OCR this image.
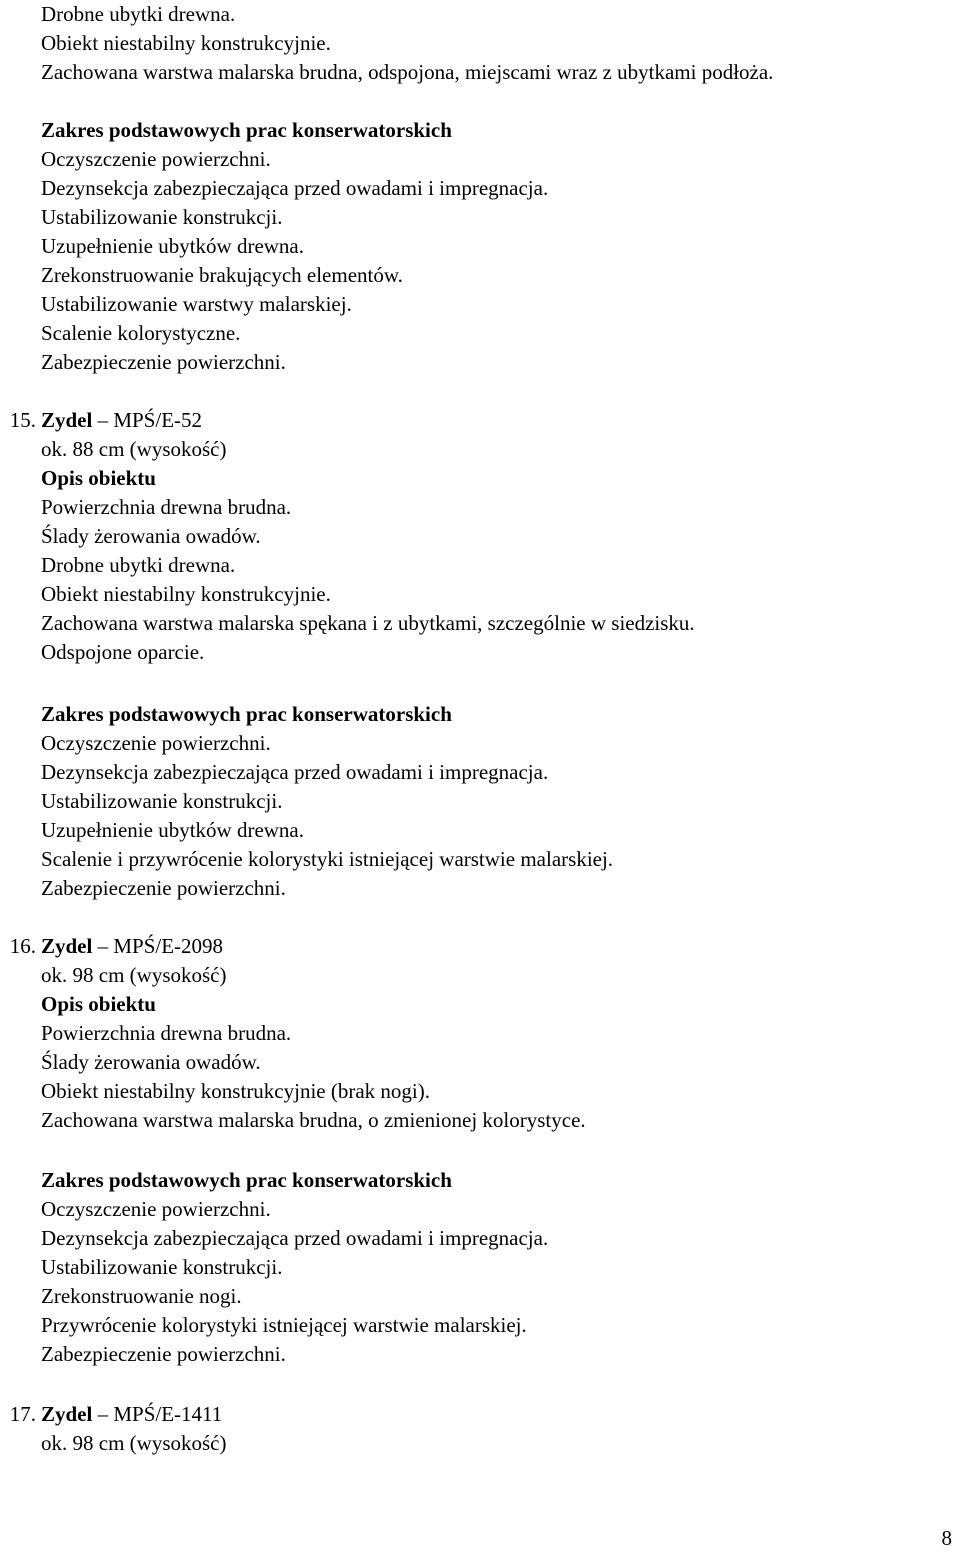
Drobne ubytki drewna.
Obiekt niestabilny konstrukcyjnie.
Zachowana warstwa malarska brudna, odspojona, miejscami wraz z ubytkami podłoża.
Zakres podstawowych prac konserwatorskich
Oczyszczenie powierzchni.
Dezynsekcja zabezpieczająca przed owadami i impregnacja.
Ustabilizowanie konstrukcji.
Uzupełnienie ubytków drewna.
Zrekonstruowanie brakujących elementów.
Ustabilizowanie warstwy malarskiej.
Scalenie kolorystyczne.
Zabezpieczenie powierzchni.
15. Zydel – MPŚ/E-52
ok. 88 cm (wysokość)
Opis obiektu
Powierzchnia drewna brudna.
Ślady żerowania owadów.
Drobne ubytki drewna.
Obiekt niestabilny konstrukcyjnie.
Zachowana warstwa malarska spękana i z ubytkami, szczególnie w siedzisku.
Odspojone oparcie.
Zakres podstawowych prac konserwatorskich
Oczyszczenie powierzchni.
Dezynsekcja zabezpieczająca przed owadami i impregnacja.
Ustabilizowanie konstrukcji.
Uzupełnienie ubytków drewna.
Scalenie i przywrócenie kolorystyki istniejącej warstwie malarskiej.
Zabezpieczenie powierzchni.
16. Zydel – MPŚ/E-2098
ok. 98 cm (wysokość)
Opis obiektu
Powierzchnia drewna brudna.
Ślady żerowania owadów.
Obiekt niestabilny konstrukcyjnie (brak nogi).
Zachowana warstwa malarska brudna, o zmienionej kolorystyce.
Zakres podstawowych prac konserwatorskich
Oczyszczenie powierzchni.
Dezynsekcja zabezpieczająca przed owadami i impregnacja.
Ustabilizowanie konstrukcji.
Zrekonstruowanie nogi.
Przywrócenie kolorystyki istniejącej warstwie malarskiej.
Zabezpieczenie powierzchni.
17. Zydel – MPŚ/E-1411
ok. 98 cm (wysokość)
8
